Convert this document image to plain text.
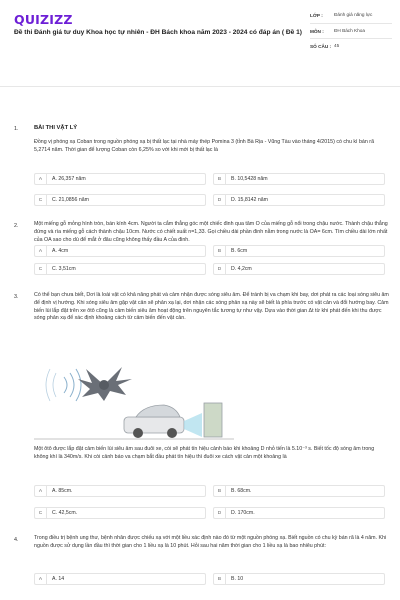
QUIZIZZ
Đề thi Đánh giá tư duy Khoa học tự nhiên - ĐH Bách khoa năm 2023 - 2024 có đáp án ( Đề 1)
LỚP :	Đánh giá năng lực
MÔN :	ĐH Bách Khoa
SỐ CÂU : 45
1.	BÀI THI VẬT LÝ
Đồng vị phóng xạ Coban trong nguồn phóng xạ bị thất lạc tại nhà máy thép Pomina 3 (tỉnh Bà Rịa - Vũng Tàu vào tháng 4/2015) có chu kì bán rã 5,2714 năm. Thời gian để lượng Coban còn 6,25% so với khi mới bị thất lạc là
A	A. 26,357 năm	B	B. 10,5428 năm
C	C. 21,0856 năm	D	D. 15,8142 năm
2.	Một miếng gỗ mỏng hình tròn, bán kính 4cm. Người ta cắm thẳng góc một chiếc đinh qua tâm O của miếng gỗ nổi trong chậu nước. Thành chậu thẳng đứng và rìa miếng gỗ cách thành chậu 10cm. Nước có chiết suất n=1,33. Gọi chiều dài phần đinh nằm trong nước là OA= 6cm. Tìm chiều dài lớn nhất của OA sao cho dù để mắt ở đâu cũng không thấy đầu A của đinh.
A	A. 4cm	B	B. 6cm
C	C. 3,51cm	D	D. 4,2cm
3.	Có thể bạn chưa biết, Dơi là loài vật có khả năng phát và cảm nhận được sóng siêu âm. Để tránh bị va chạm khi bay, dơi phát ra các loại sóng siêu âm để định vị hướng. Khi sóng siêu âm gặp vật cản sẽ phản xạ lại, dơi nhận các sóng phản xạ này sẽ biết là phía trước có vật cản và đổi hướng bay. Cảm biến lùi lắp đặt trên xe ôtô cũng là cảm biến siêu âm hoạt động trên nguyên tắc tương tự như vậy. Dựa vào thời gian Δt từ khi phát đến khi thu được sóng phản xạ để xác định khoảng cách từ cảm biến đến vật cản.
Một ôtô được lắp đặt cảm biến lùi siêu âm sau đuôi xe, còi sẽ phát tín hiệu cảnh báo khi khoảng D nhỏ tiến là 5.10⁻³ s. Biết tốc độ sóng âm trong không khí là 340m/s. Khi còi cảnh báo va chạm bắt đầu phát tín hiệu thì đuôi xe cách vật cản một khoảng là
A	A. 85cm.	B	B. 68cm.
C	C. 42,5cm.	D	D. 170cm.
4.	Trong điều trị bệnh ung thư, bệnh nhân được chiếu xạ với một liều xác định nào đó từ một nguồn phóng xạ. Biết nguồn có chu kỳ bán rã là 4 năm. Khi nguồn được sử dụng lần đầu thì thời gian cho 1 liều xạ là 10 phút. Hỏi sau hai năm thời gian cho 1 liều xạ là bao nhiêu phút:
A	A. 14	B	B. 10
